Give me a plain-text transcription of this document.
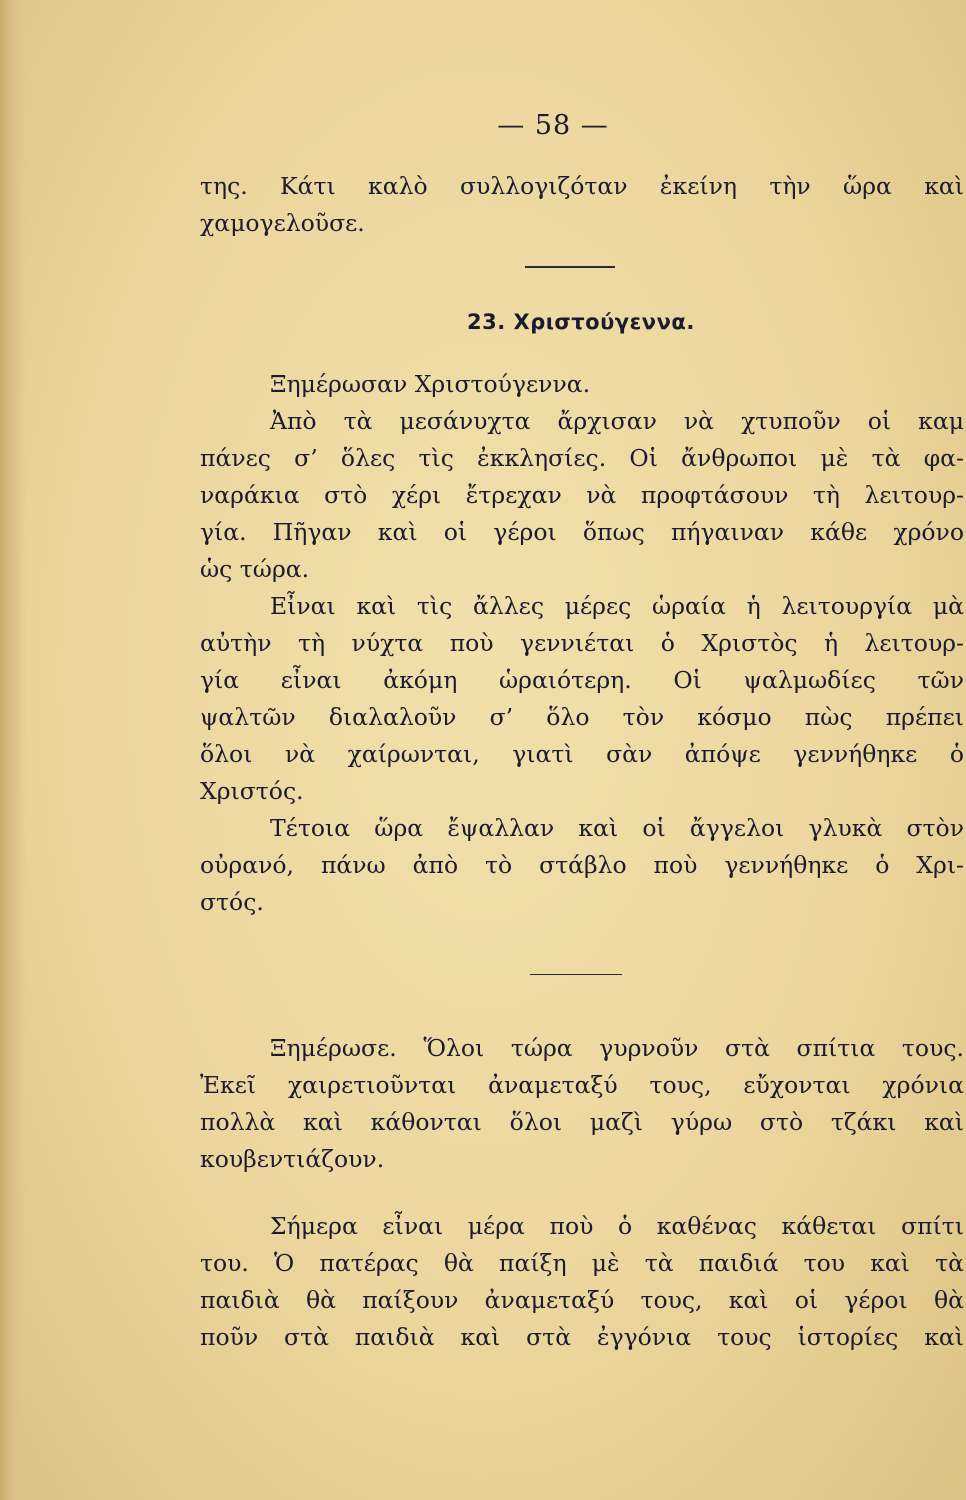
— 58 —
της. Κάτι καλὸ συλλογιζόταν ἐκείνη τὴν ὥρα καὶ
χαμογελοῦσε.
23. Χριστούγεννα.
Ξημέρωσαν Χριστούγεννα.
Ἀπὸ τὰ μεσάνυχτα ἄρχισαν νὰ χτυποῦν οἱ καμ
πάνες σ’ ὅλες τὶς ἐκκλησίες. Οἱ ἄνθρωποι μὲ τὰ φα-
ναράκια στὸ χέρι ἔτρεχαν νὰ προφτάσουν τὴ λειτουρ-
γία. Πῆγαν καὶ οἱ γέροι ὅπως πήγαιναν κάθε χρόνο
ὡς τώρα.
Εἶναι καὶ τὶς ἄλλες μέρες ὡραία ἡ λειτουργία μὰ
αὐτὴν τὴ νύχτα ποὺ γεννιέται ὁ Χριστὸς ἡ λειτουρ-
γία εἶναι ἀκόμη ὡραιότερη. Οἱ ψαλμωδίες τῶν
ψαλτῶν διαλαλοῦν σ’ ὅλο τὸν κόσμο πὼς πρέπει
ὅλοι νὰ χαίρωνται, γιατὶ σὰν ἀπόψε γεννήθηκε ὁ
Χριστός.
Τέτοια ὥρα ἔψαλλαν καὶ οἱ ἄγγελοι γλυκὰ στὸν
οὐρανό, πάνω ἀπὸ τὸ στάβλο ποὺ γεννήθηκε ὁ Χρι-
στός.
Ξημέρωσε. Ὅλοι τώρα γυρνοῦν στὰ σπίτια τους.
Ἐκεῖ χαιρετιοῦνται ἀναμεταξύ τους, εὔχονται χρόνια
πολλὰ καὶ κάθονται ὅλοι μαζὶ γύρω στὸ τζάκι καὶ
κουβεντιάζουν.
Σήμερα εἶναι μέρα ποὺ ὁ καθένας κάθεται σπίτι
του. Ὁ πατέρας θὰ παίξη μὲ τὰ παιδιά του καὶ τὰ
παιδιὰ θὰ παίξουν ἀναμεταξύ τους, καὶ οἱ γέροι θὰ
ποῦν στὰ παιδιὰ καὶ στὰ ἐγγόνια τους ἱστορίες καὶ
